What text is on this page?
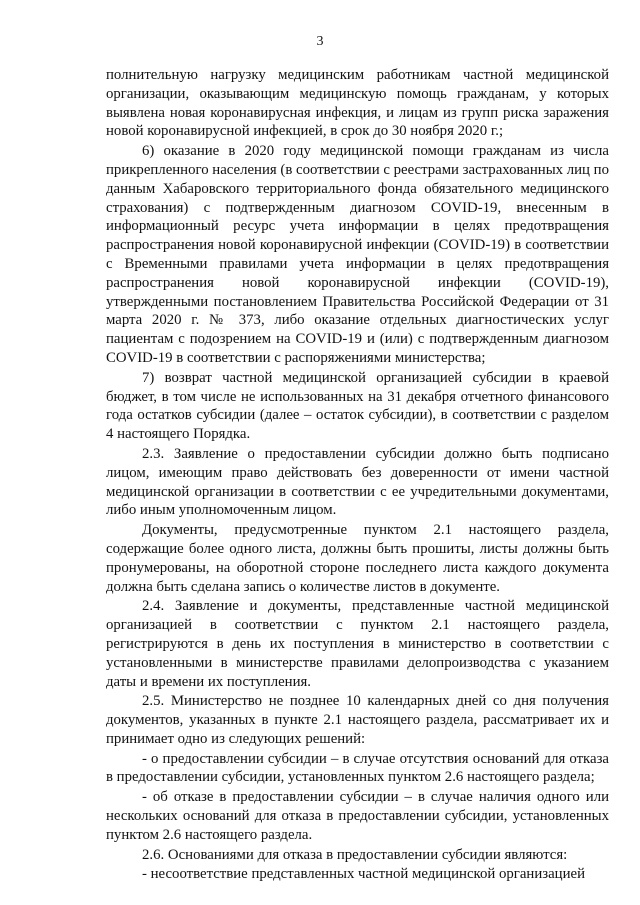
3

полнительную нагрузку медицинским работникам частной медицинской организации, оказывающим медицинскую помощь гражданам, у которых выявлена новая коронавирусная инфекция, и лицам из групп риска заражения новой коронавирусной инфекцией, в срок до 30 ноября 2020 г.;

6) оказание в 2020 году медицинской помощи гражданам из числа прикрепленного населения (в соответствии с реестрами застрахованных лиц по данным Хабаровского территориального фонда обязательного медицинского страхования) с подтвержденным диагнозом COVID-19, внесенным в информационный ресурс учета информации в целях предотвращения распространения новой коронавирусной инфекции (COVID-19) в соответствии с Временными правилами учета информации в целях предотвращения распространения новой коронавирусной инфекции (COVID-19), утвержденными постановлением Правительства Российской Федерации от 31 марта 2020 г. № 373, либо оказание отдельных диагностических услуг пациентам с подозрением на COVID-19 и (или) с подтвержденным диагнозом COVID-19 в соответствии с распоряжениями министерства;

7) возврат частной медицинской организацией субсидии в краевой бюджет, в том числе не использованных на 31 декабря отчетного финансового года остатков субсидии (далее – остаток субсидии), в соответствии с разделом 4 настоящего Порядка.

2.3. Заявление о предоставлении субсидии должно быть подписано лицом, имеющим право действовать без доверенности от имени частной медицинской организации в соответствии с ее учредительными документами, либо иным уполномоченным лицом.

Документы, предусмотренные пунктом 2.1 настоящего раздела, содержащие более одного листа, должны быть прошиты, листы должны быть пронумерованы, на оборотной стороне последнего листа каждого документа должна быть сделана запись о количестве листов в документе.

2.4. Заявление и документы, представленные частной медицинской организацией в соответствии с пунктом 2.1 настоящего раздела, регистрируются в день их поступления в министерство в соответствии с установленными в министерстве правилами делопроизводства с указанием даты и времени их поступления.

2.5. Министерство не позднее 10 календарных дней со дня получения документов, указанных в пункте 2.1 настоящего раздела, рассматривает их и принимает одно из следующих решений:

- о предоставлении субсидии – в случае отсутствия оснований для отказа в предоставлении субсидии, установленных пунктом 2.6 настоящего раздела;

- об отказе в предоставлении субсидии – в случае наличия одного или нескольких оснований для отказа в предоставлении субсидии, установленных пунктом 2.6 настоящего раздела.

2.6. Основаниями для отказа в предоставлении субсидии являются:

- несоответствие представленных частной медицинской организацией
